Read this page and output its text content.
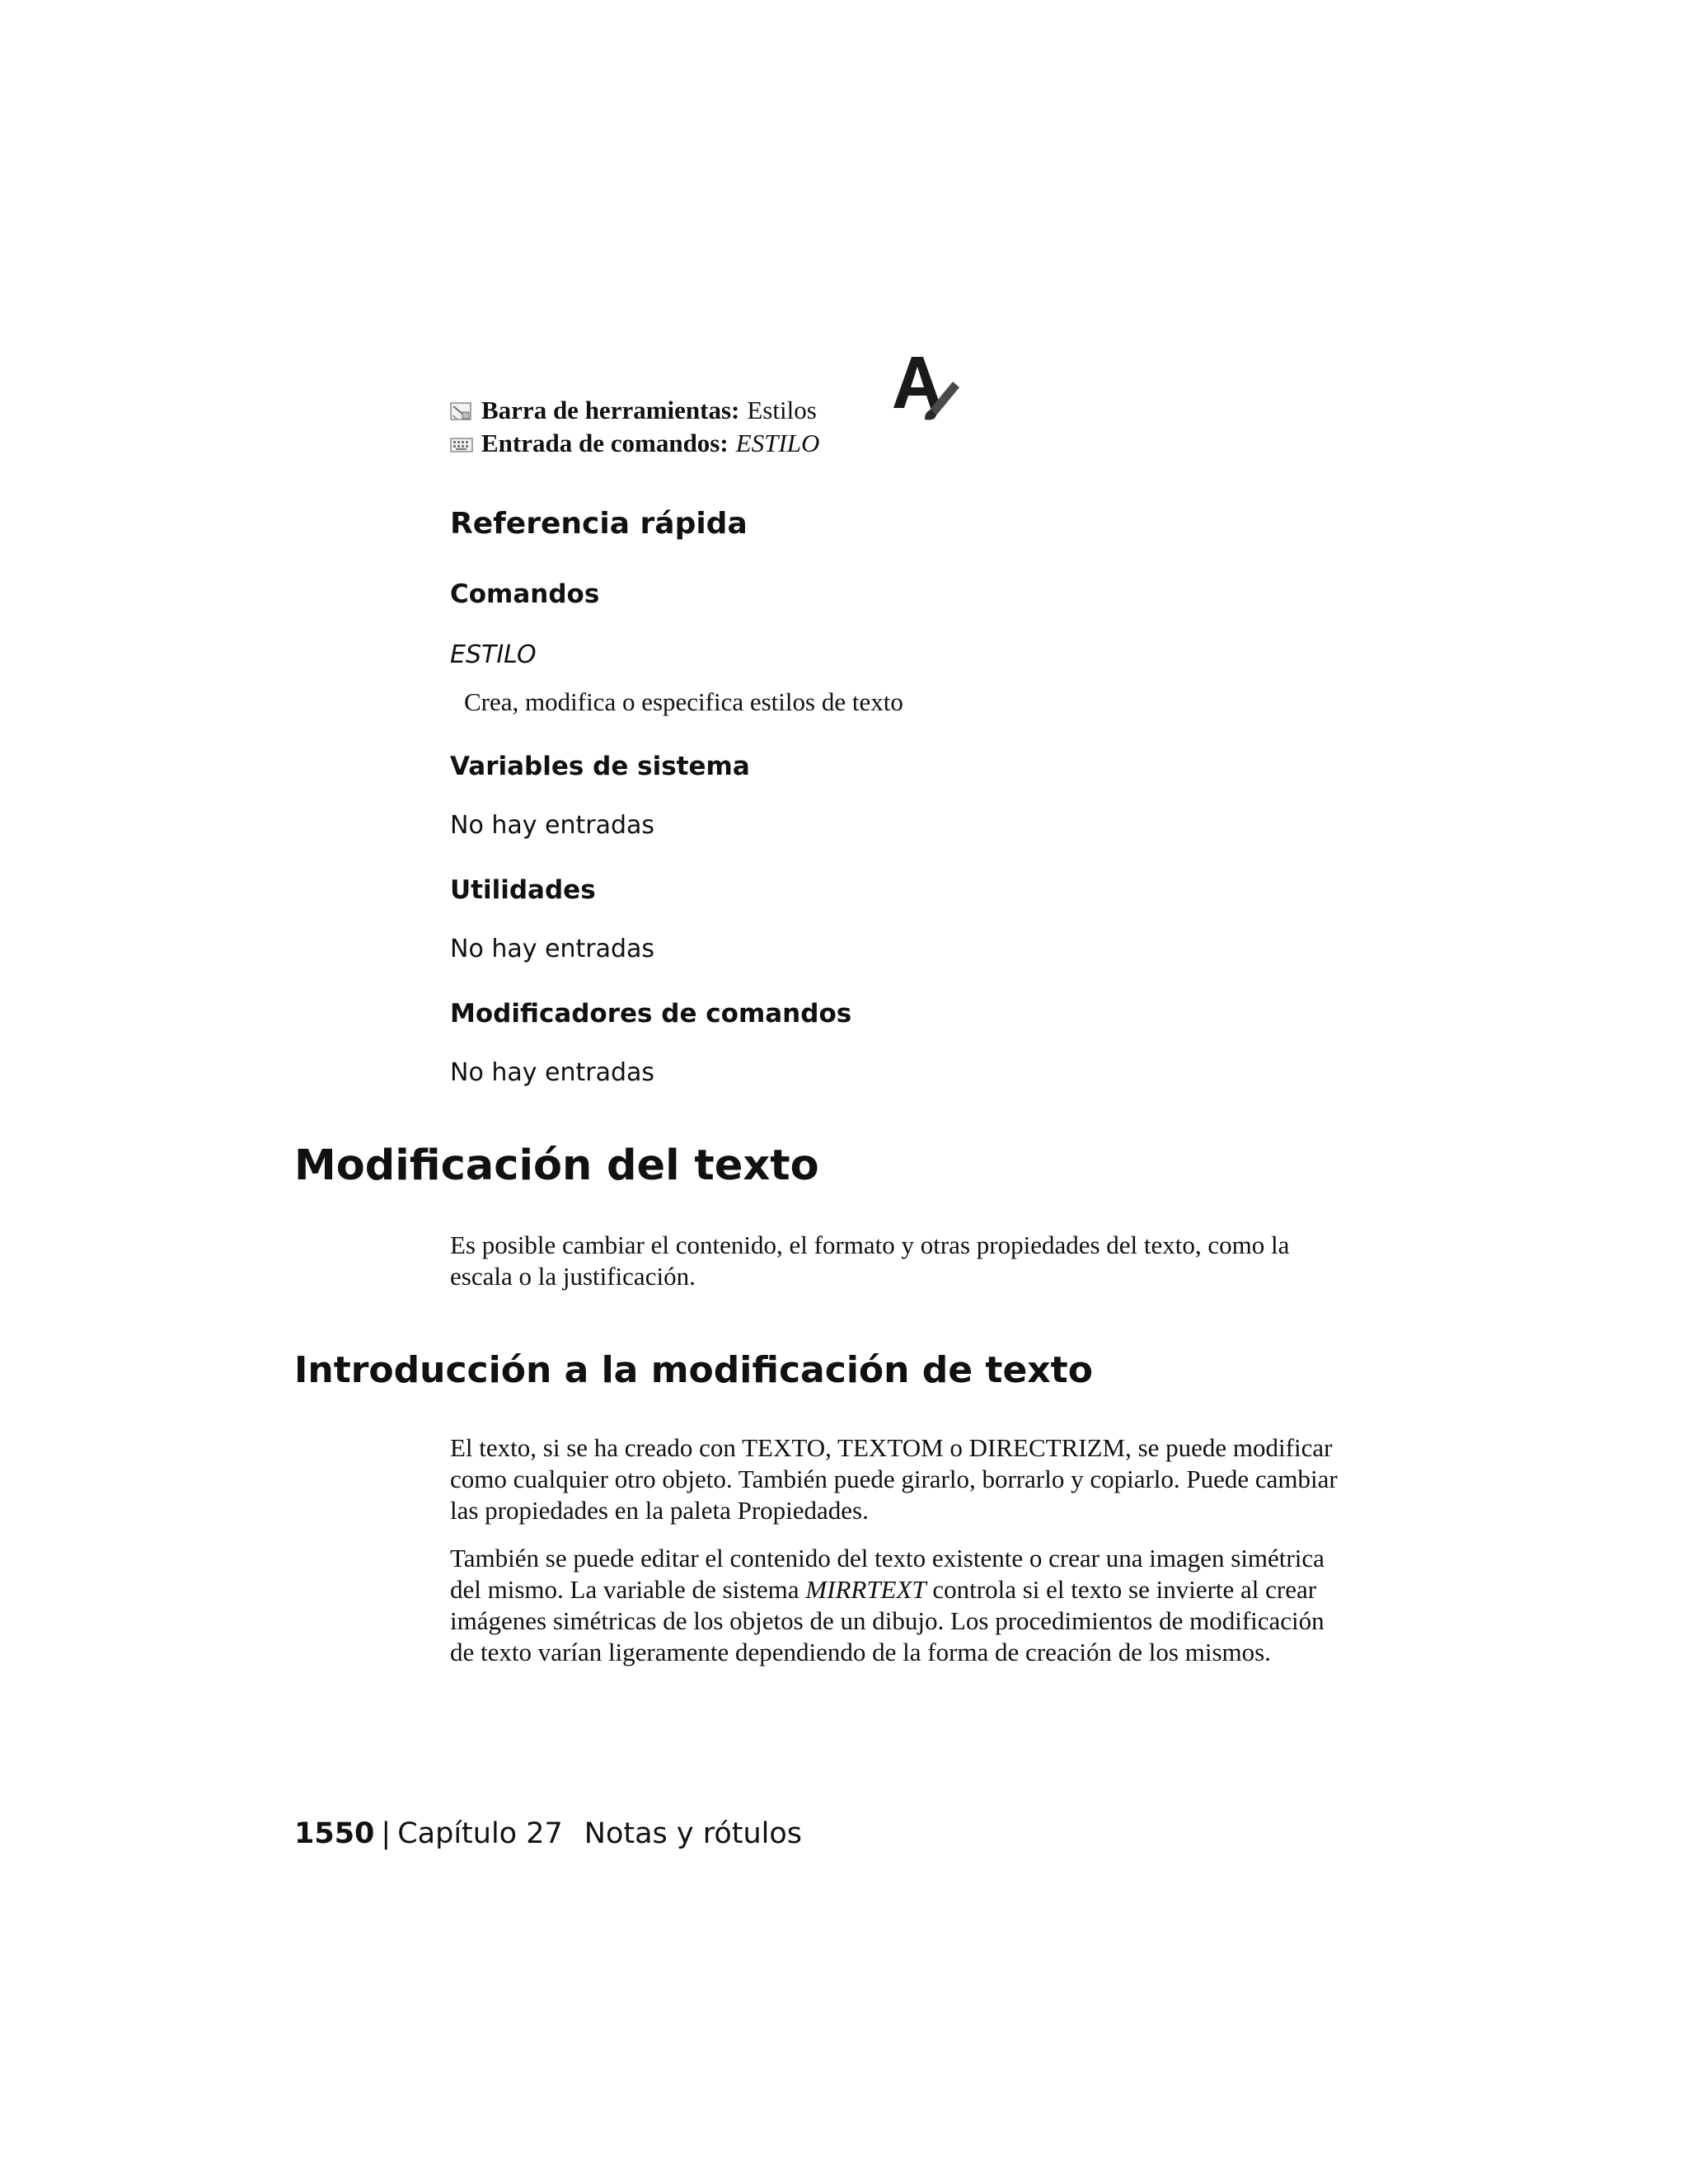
Barra de herramientas: Estilos
Entrada de comandos: ESTILO
Referencia rápida
Comandos

ESTILO

Crea, modifica o especifica estilos de texto

Variables de sistema

No hay entradas

Utilidades

No hay entradas

Modificadores de comandos

No hay entradas

Modificación del texto

Es posible cambiar el contenido, el formato y otras propiedades del texto, como la escala o la justificación.

Introducción a la modificación de texto

El texto, si se ha creado con TEXTO, TEXTOM o DIRECTRIZM, se puede modificar como cualquier otro objeto. También puede girarlo, borrarlo y copiarlo. Puede cambiar las propiedades en la paleta Propiedades.

También se puede editar el contenido del texto existente o crear una imagen simétrica del mismo. La variable de sistema MIRRTEXT controla si el texto se invierte al crear imágenes simétricas de los objetos de un dibujo. Los procedimientos de modificación de texto varían ligeramente dependiendo de la forma de creación de los mismos.

1550 | Capítulo 27 Notas y rótulos
